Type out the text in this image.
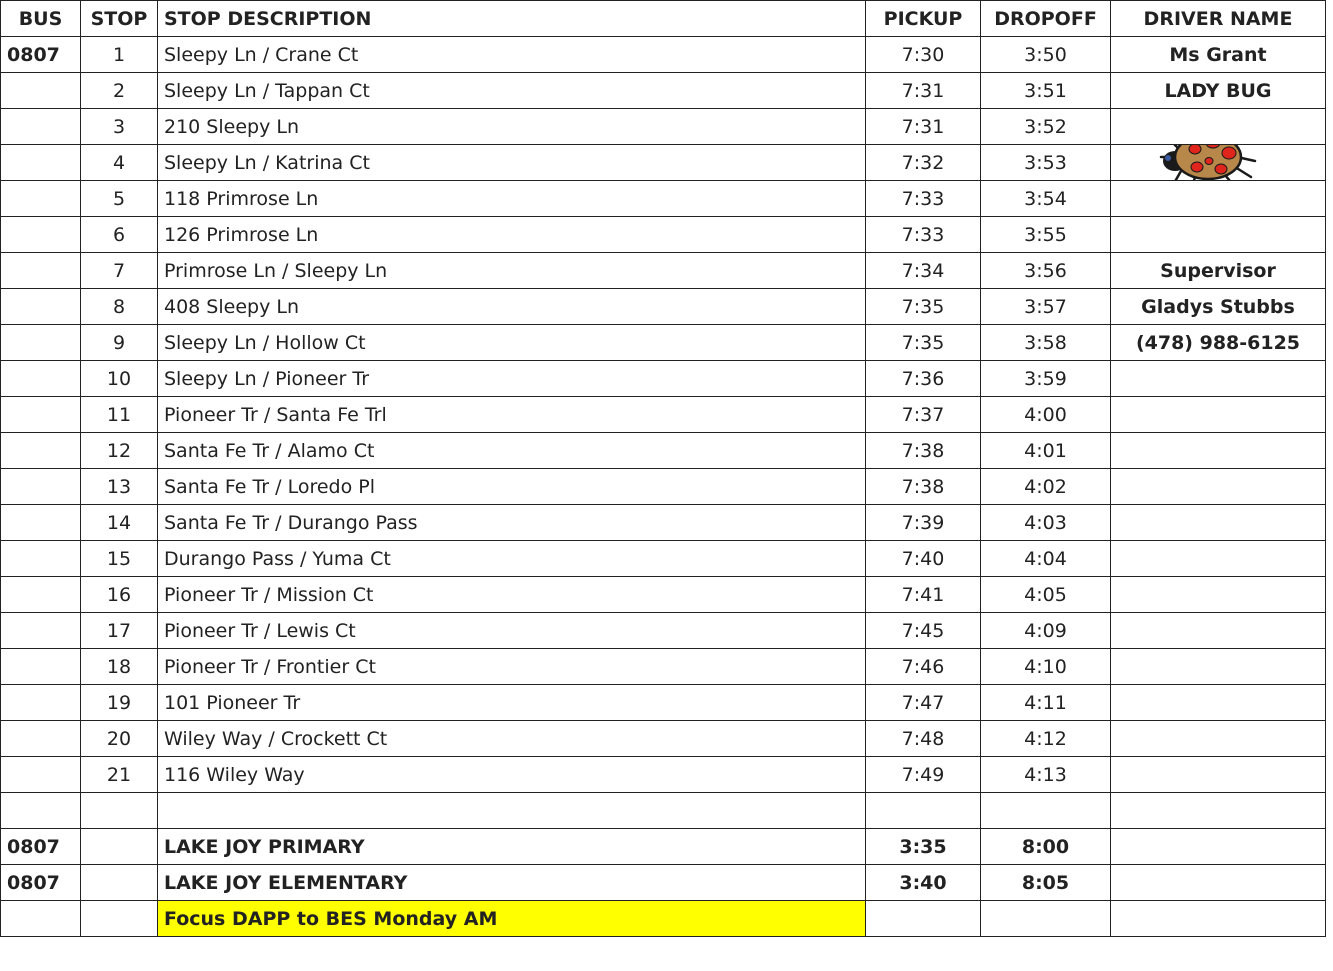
BUS	STOP	STOP DESCRIPTION	PICKUP	DROPOFF	DRIVER NAME
0807	1	Sleepy Ln / Crane Ct	7:30	3:50	Ms Grant
	2	Sleepy Ln / Tappan Ct	7:31	3:51	LADY BUG
	3	210 Sleepy Ln	7:31	3:52	
	4	Sleepy Ln / Katrina Ct	7:32	3:53	

	5	118 Primrose Ln	7:33	3:54	
	6	126 Primrose Ln	7:33	3:55	
	7	Primrose Ln / Sleepy Ln	7:34	3:56	Supervisor
	8	408 Sleepy Ln	7:35	3:57	Gladys Stubbs
	9	Sleepy Ln / Hollow Ct	7:35	3:58	(478) 988-6125
	10	Sleepy Ln / Pioneer Tr	7:36	3:59	
	11	Pioneer Tr / Santa Fe Trl	7:37	4:00	
	12	Santa Fe Tr / Alamo Ct	7:38	4:01	
	13	Santa Fe Tr / Loredo Pl	7:38	4:02	
	14	Santa Fe Tr / Durango Pass	7:39	4:03	
	15	Durango Pass / Yuma Ct	7:40	4:04	
	16	Pioneer Tr / Mission Ct	7:41	4:05	
	17	Pioneer Tr / Lewis Ct	7:45	4:09	
	18	Pioneer Tr / Frontier Ct	7:46	4:10	
	19	101 Pioneer Tr	7:47	4:11	
	20	Wiley Way / Crockett Ct	7:48	4:12	
	21	116 Wiley Way	7:49	4:13	

0807		LAKE JOY PRIMARY	3:35	8:00	
0807		LAKE JOY ELEMENTARY	3:40	8:05	
		Focus DAPP to BES Monday AM			
